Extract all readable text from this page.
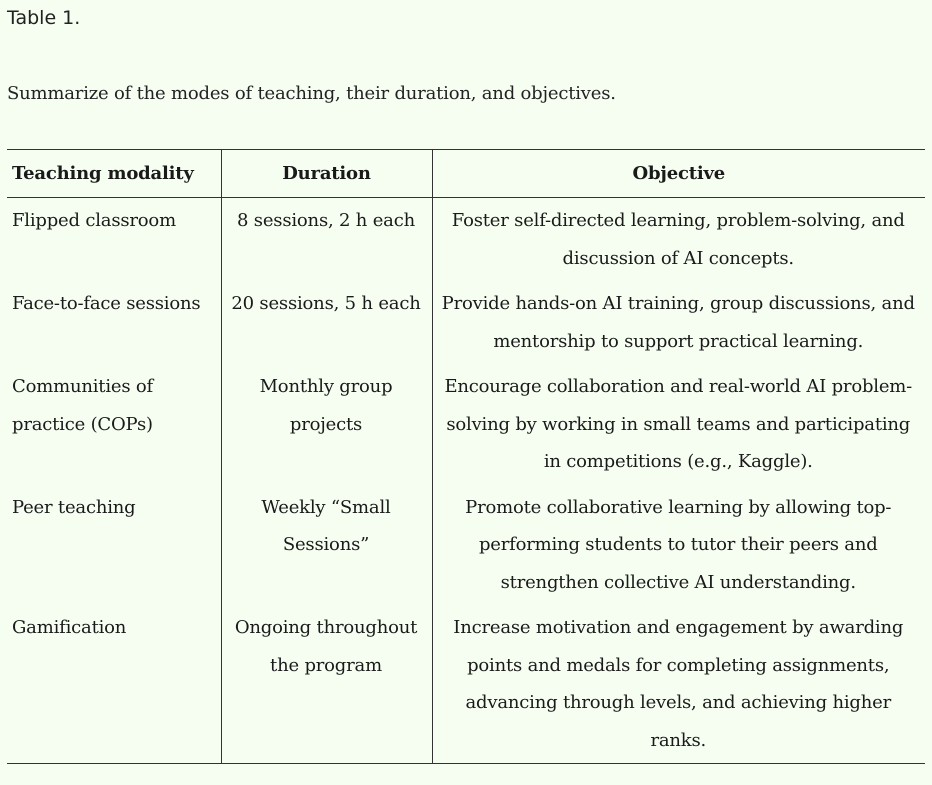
Table 1.
Summarize of the modes of teaching, their duration, and objectives.
Teaching modality	Duration	Objective
Flipped classroom	8 sessions, 2 h each	Foster self-directed learning, problem-solving, and discussion of AI concepts.
Face-to-face sessions	20 sessions, 5 h each	Provide hands-on AI training, group discussions, and mentorship to support practical learning.
Communities of practice (COPs)	Monthly group projects	Encourage collaboration and real-world AI problem-solving by working in small teams and participating in competitions (e.g., Kaggle).
Peer teaching	Weekly “Small Sessions”	Promote collaborative learning by allowing top-performing students to tutor their peers and strengthen collective AI understanding.
Gamification	Ongoing throughout the program	Increase motivation and engagement by awarding points and medals for completing assignments, advancing through levels, and achieving higher ranks.
